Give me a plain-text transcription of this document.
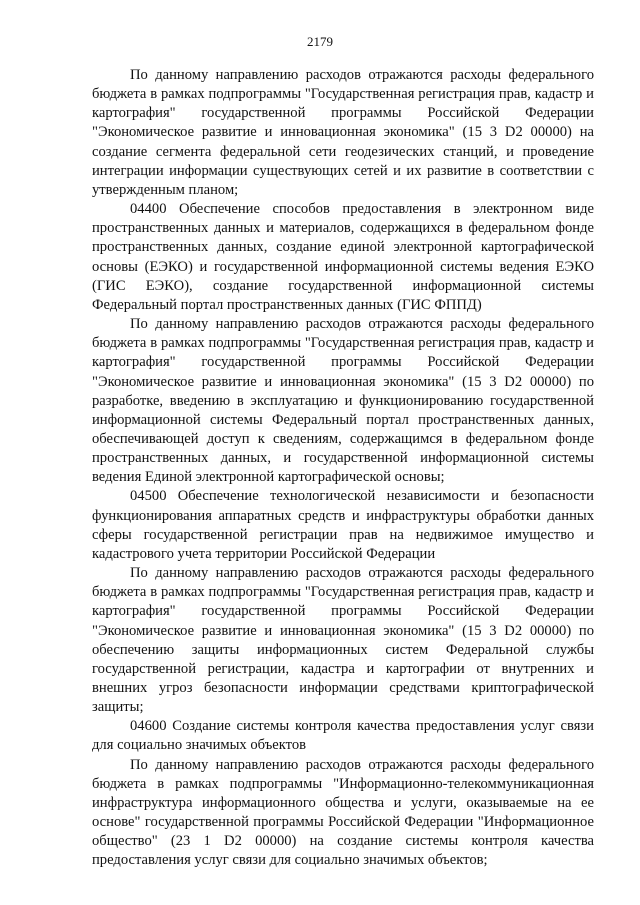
2179

По данному направлению расходов отражаются расходы федерального бюджета в рамках подпрограммы "Государственная регистрация прав, кадастр и картография" государственной программы Российской Федерации "Экономическое развитие и инновационная экономика" (15 3 D2 00000) на создание сегмента федеральной сети геодезических станций, и проведение интеграции информации существующих сетей и их развитие в соответствии с утвержденным планом;

04400 Обеспечение способов предоставления в электронном виде пространственных данных и материалов, содержащихся в федеральном фонде пространственных данных, создание единой электронной картографической основы (ЕЭКО) и государственной информационной системы ведения ЕЭКО (ГИС ЕЭКО), создание государственной информационной системы Федеральный портал пространственных данных (ГИС ФППД)

По данному направлению расходов отражаются расходы федерального бюджета в рамках подпрограммы "Государственная регистрация прав, кадастр и картография" государственной программы Российской Федерации "Экономическое развитие и инновационная экономика" (15 3 D2 00000) по разработке, введению в эксплуатацию и функционированию государственной информационной системы Федеральный портал пространственных данных, обеспечивающей доступ к сведениям, содержащимся в федеральном фонде пространственных данных, и государственной информационной системы ведения Единой электронной картографической основы;

04500 Обеспечение технологической независимости и безопасности функционирования аппаратных средств и инфраструктуры обработки данных сферы государственной регистрации прав на недвижимое имущество и кадастрового учета территории Российской Федерации

По данному направлению расходов отражаются расходы федерального бюджета в рамках подпрограммы "Государственная регистрация прав, кадастр и картография" государственной программы Российской Федерации "Экономическое развитие и инновационная экономика" (15 3 D2 00000) по обеспечению защиты информационных систем Федеральной службы государственной регистрации, кадастра и картографии от внутренних и внешних угроз безопасности информации средствами криптографической защиты;

04600 Создание системы контроля качества предоставления услуг связи для социально значимых объектов

По данному направлению расходов отражаются расходы федерального бюджета в рамках подпрограммы "Информационно-телекоммуникационная инфраструктура информационного общества и услуги, оказываемые на ее основе" государственной программы Российской Федерации "Информационное общество" (23 1 D2 00000) на создание системы контроля качества предоставления услуг связи для социально значимых объектов;
